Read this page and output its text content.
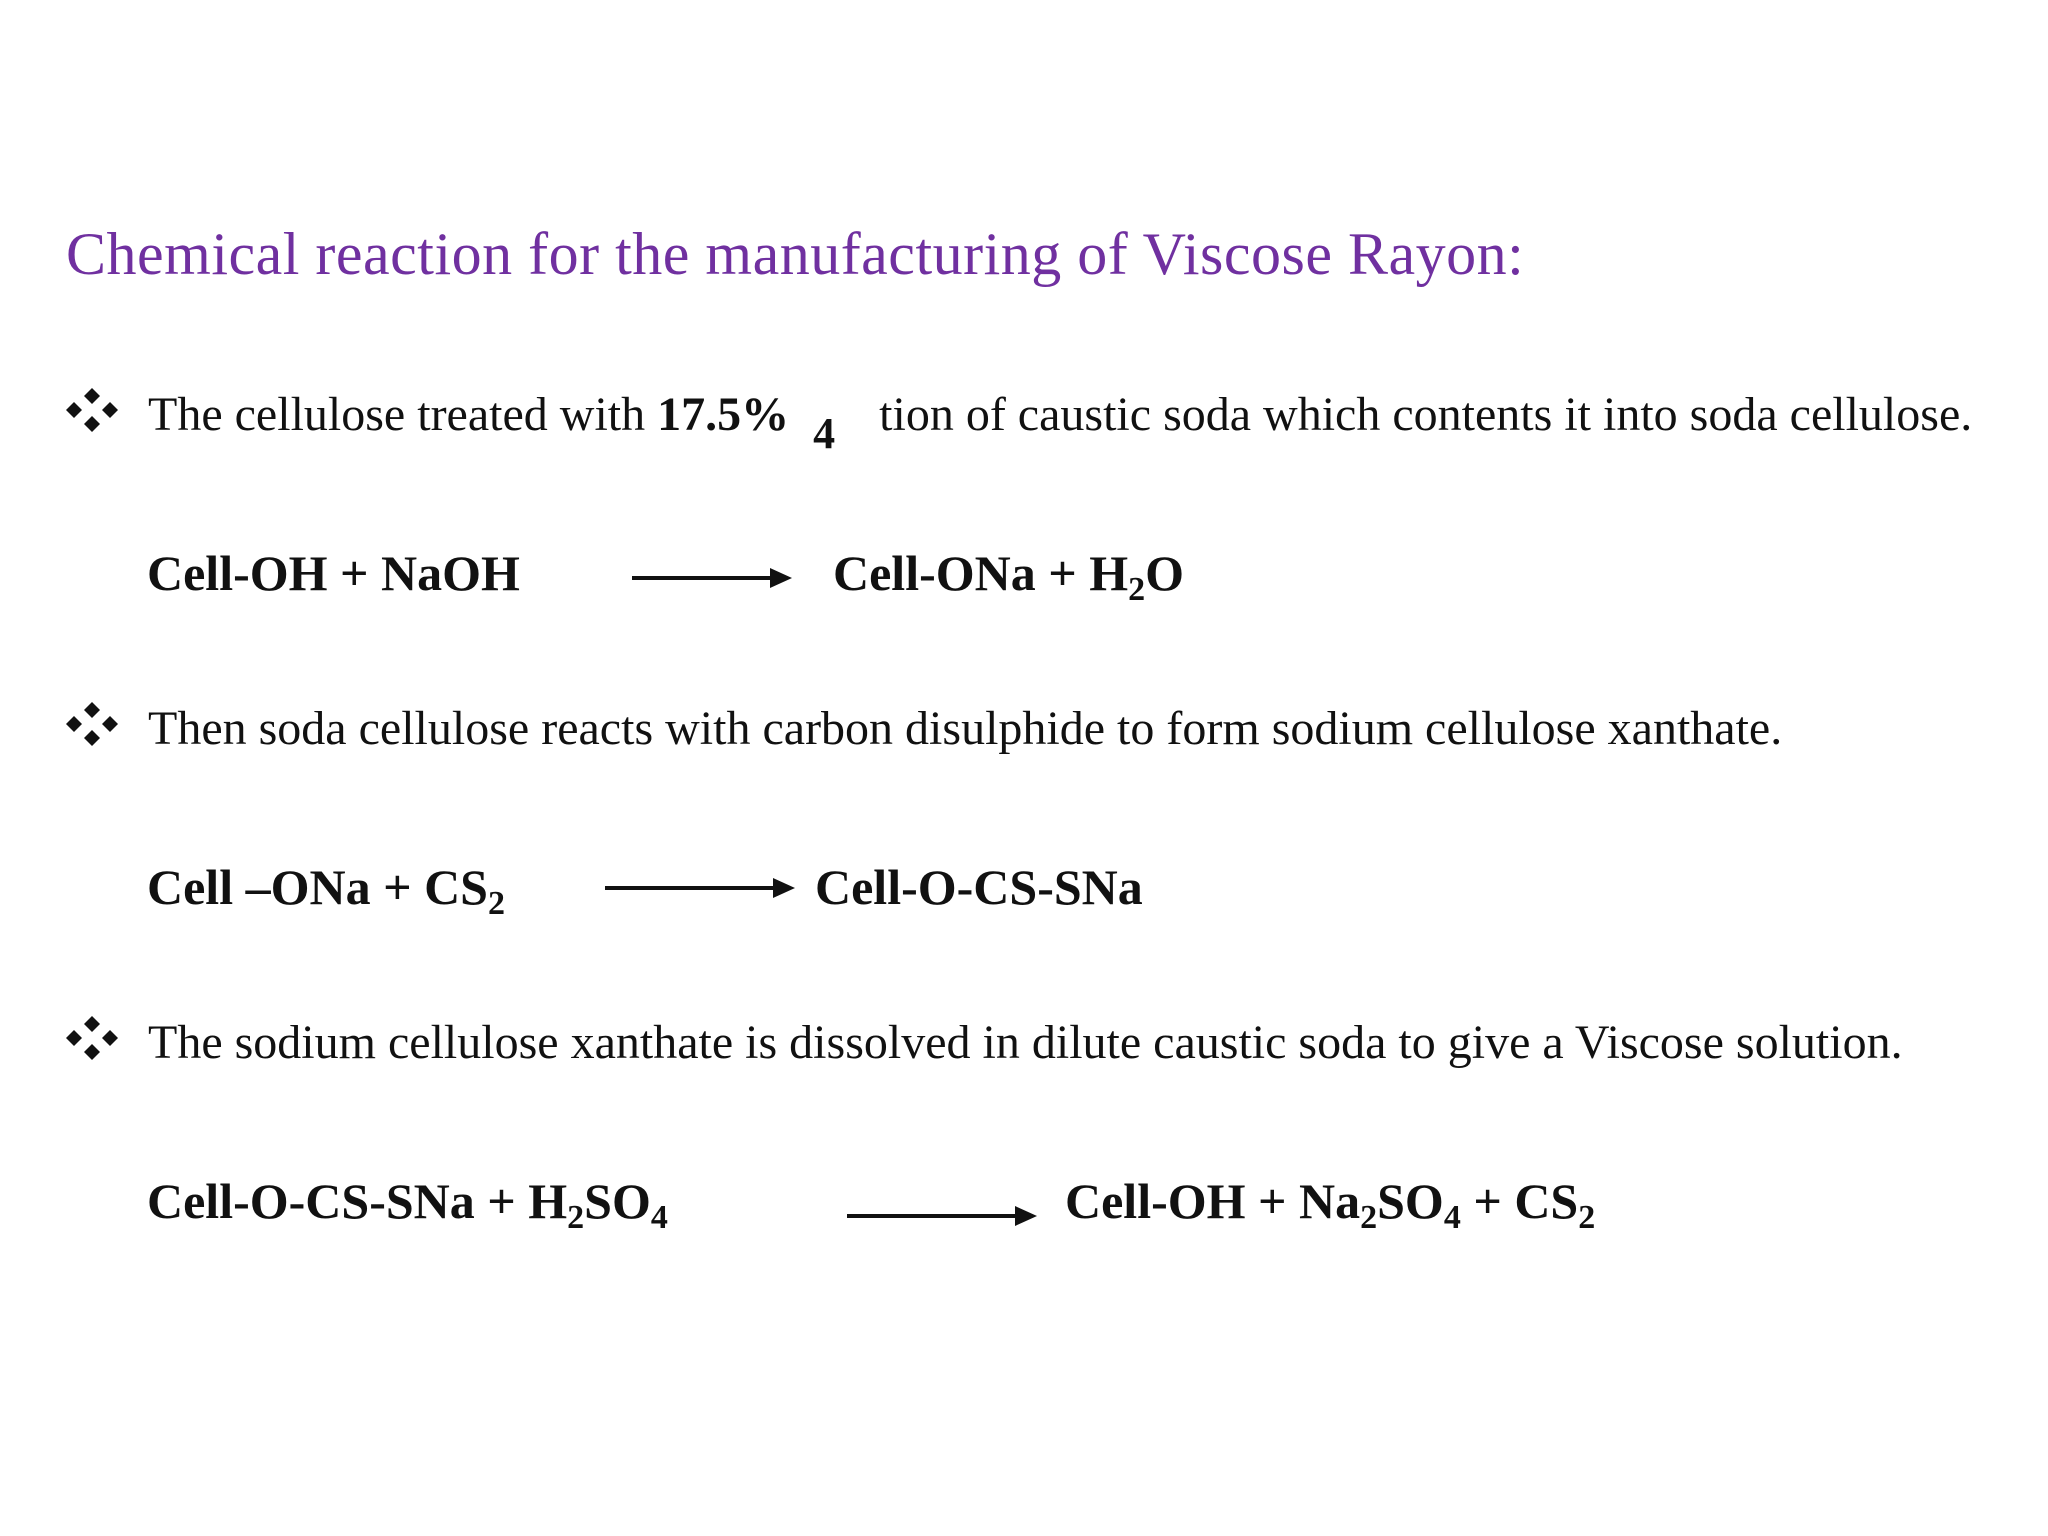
Chemical reaction for the manufacturing of Viscose Rayon:
The cellulose treated with 17.5% 4 tion of caustic soda which contents it into soda cellulose.
Cell-OH + NaOH → Cell-ONa + $H_2O$
Then soda cellulose reacts with carbon disulphide to form sodium cellulose xanthate.
Cell $-ONa + CS_2$ → Cell-O-CS-SNa
The sodium cellulose xanthate is dissolved in dilute caustic soda to give a Viscose solution.
Cell-O-CS-SNa + $H_2SO_4$	→ Cell-OH + $Na_2SO_4 + CS_2$
